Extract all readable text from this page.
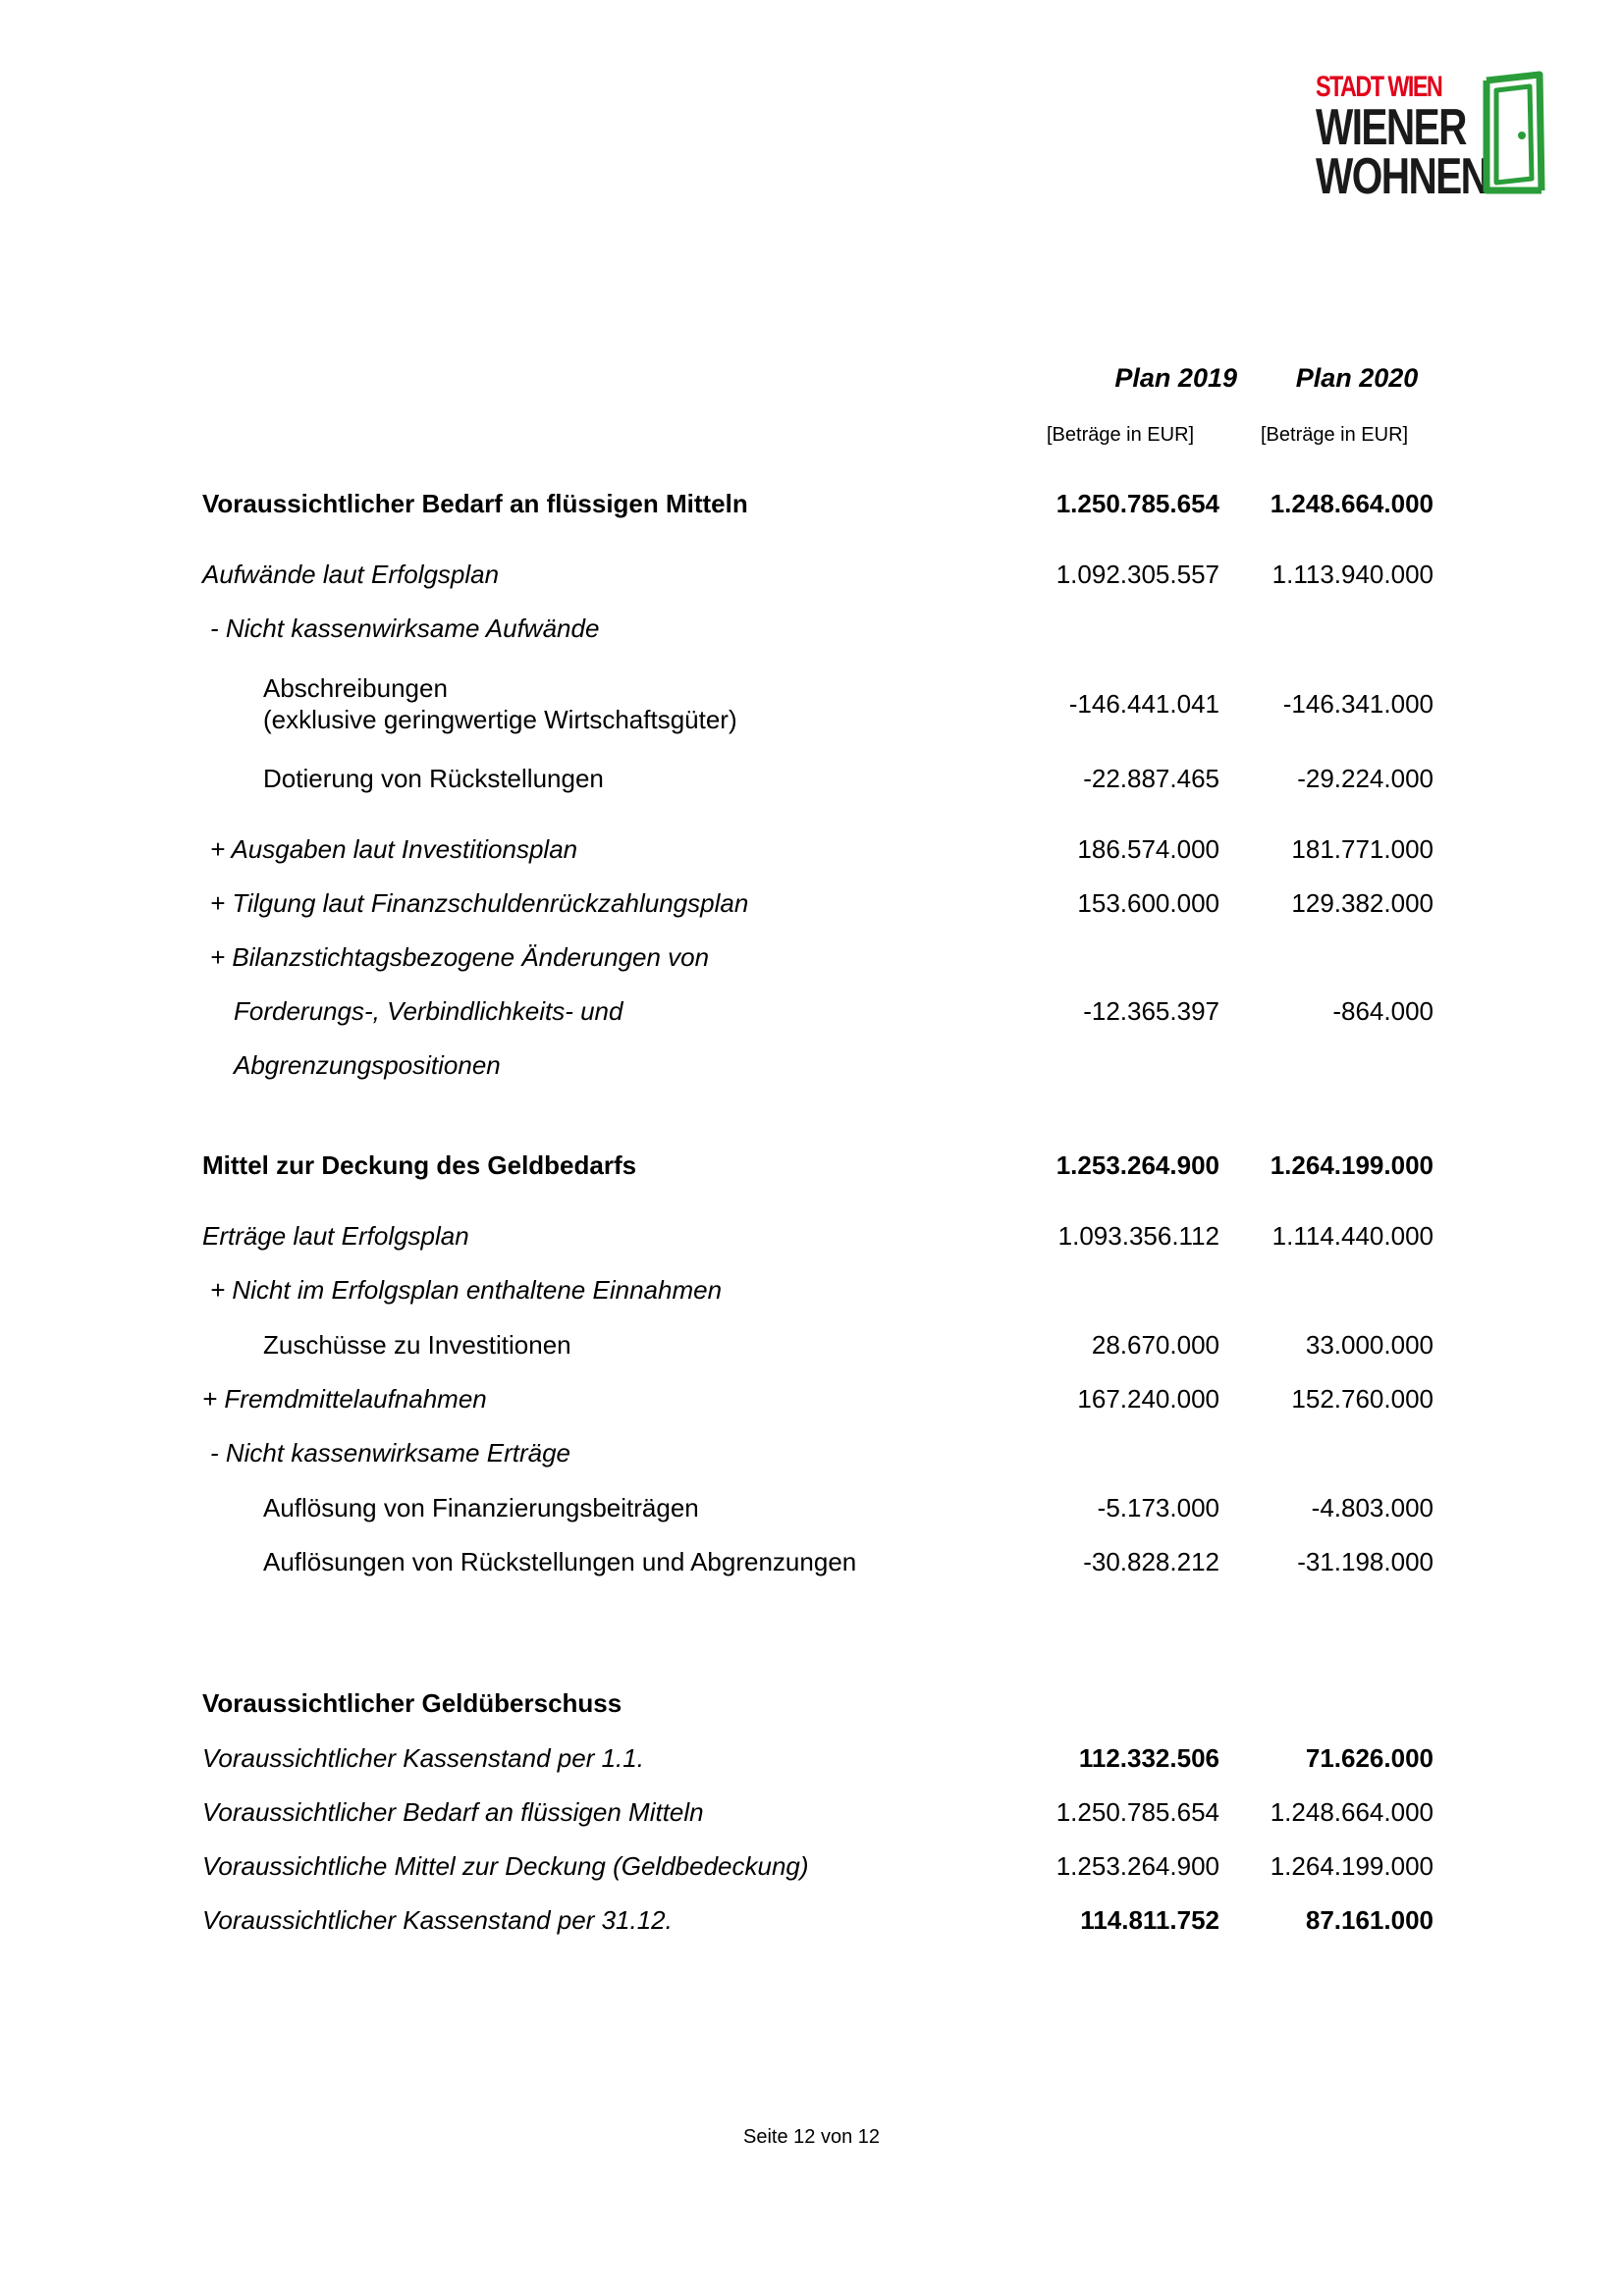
STADT WIEN
WIENER
WOHNEN
Plan 2019	Plan 2020
[Beträge in EUR]	[Beträge in EUR]
Voraussichtlicher Bedarf an flüssigen Mitteln	1.250.785.654	1.248.664.000
Aufwände laut Erfolgsplan	1.092.305.557	1.113.940.000
- Nicht kassenwirksame Aufwände
Abschreibungen
(exklusive geringwertige Wirtschaftsgüter)
-146.441.041	-146.341.000
Dotierung von Rückstellungen	-22.887.465	-29.224.000
+ Ausgaben laut Investitionsplan	186.574.000	181.771.000
+ Tilgung laut Finanzschuldenrückzahlungsplan	153.600.000	129.382.000
+ Bilanzstichtagsbezogene Änderungen von
Forderungs-, Verbindlichkeits- und	-12.365.397	-864.000
Abgrenzungspositionen
Mittel zur Deckung des Geldbedarfs	1.253.264.900	1.264.199.000
Erträge laut Erfolgsplan	1.093.356.112	1.114.440.000
+ Nicht im Erfolgsplan enthaltene Einnahmen
Zuschüsse zu Investitionen	28.670.000	33.000.000
+ Fremdmittelaufnahmen	167.240.000	152.760.000
- Nicht kassenwirksame Erträge
Auflösung von Finanzierungsbeiträgen	-5.173.000	-4.803.000
Auflösungen von Rückstellungen und Abgrenzungen	-30.828.212	-31.198.000
Voraussichtlicher Geldüberschuss
Voraussichtlicher Kassenstand per 1.1.	112.332.506	71.626.000
Voraussichtlicher Bedarf an flüssigen Mitteln	1.250.785.654	1.248.664.000
Voraussichtliche Mittel zur Deckung (Geldbedeckung)	1.253.264.900	1.264.199.000
Voraussichtlicher Kassenstand per 31.12.	114.811.752	87.161.000
Seite 12 von 12
